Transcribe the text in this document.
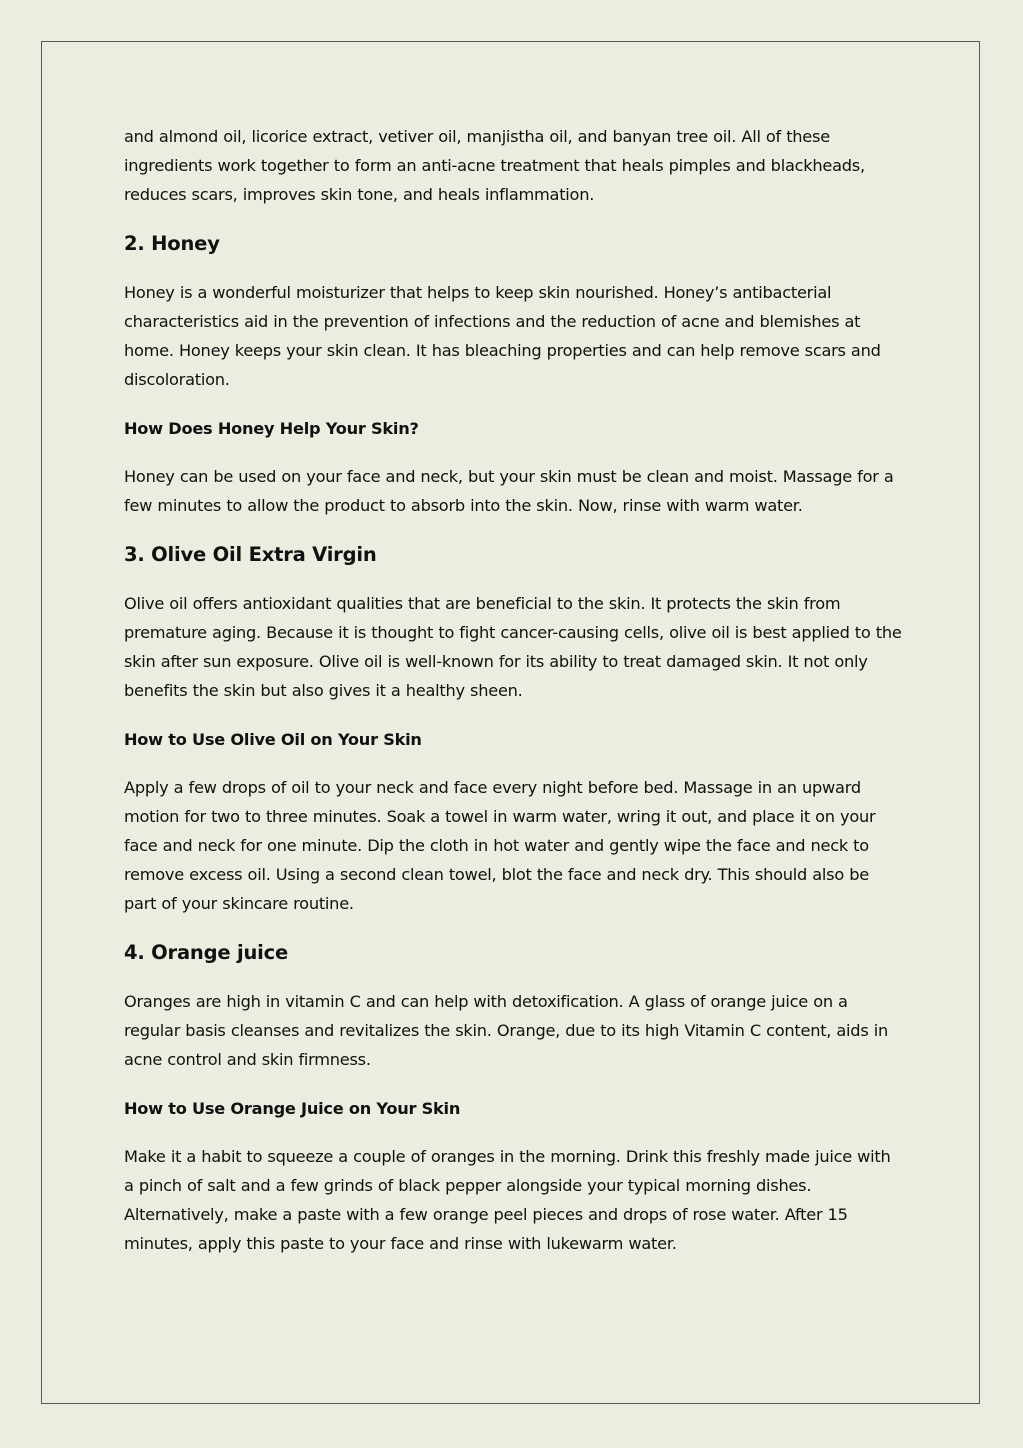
and almond oil, licorice extract, vetiver oil, manjistha oil, and banyan tree oil. All of these ingredients work together to form an anti-acne treatment that heals pimples and blackheads, reduces scars, improves skin tone, and heals inflammation.

2. Honey

Honey is a wonderful moisturizer that helps to keep skin nourished. Honey’s antibacterial characteristics aid in the prevention of infections and the reduction of acne and blemishes at home. Honey keeps your skin clean. It has bleaching properties and can help remove scars and discoloration.

How Does Honey Help Your Skin?

Honey can be used on your face and neck, but your skin must be clean and moist. Massage for a few minutes to allow the product to absorb into the skin. Now, rinse with warm water.

3. Olive Oil Extra Virgin

Olive oil offers antioxidant qualities that are beneficial to the skin. It protects the skin from premature aging. Because it is thought to fight cancer-causing cells, olive oil is best applied to the skin after sun exposure. Olive oil is well-known for its ability to treat damaged skin. It not only benefits the skin but also gives it a healthy sheen.

How to Use Olive Oil on Your Skin

Apply a few drops of oil to your neck and face every night before bed. Massage in an upward motion for two to three minutes. Soak a towel in warm water, wring it out, and place it on your face and neck for one minute. Dip the cloth in hot water and gently wipe the face and neck to remove excess oil. Using a second clean towel, blot the face and neck dry. This should also be part of your skincare routine.

4. Orange juice

Oranges are high in vitamin C and can help with detoxification. A glass of orange juice on a regular basis cleanses and revitalizes the skin. Orange, due to its high Vitamin C content, aids in acne control and skin firmness.

How to Use Orange Juice on Your Skin

Make it a habit to squeeze a couple of oranges in the morning. Drink this freshly made juice with a pinch of salt and a few grinds of black pepper alongside your typical morning dishes. Alternatively, make a paste with a few orange peel pieces and drops of rose water. After 15 minutes, apply this paste to your face and rinse with lukewarm water.
